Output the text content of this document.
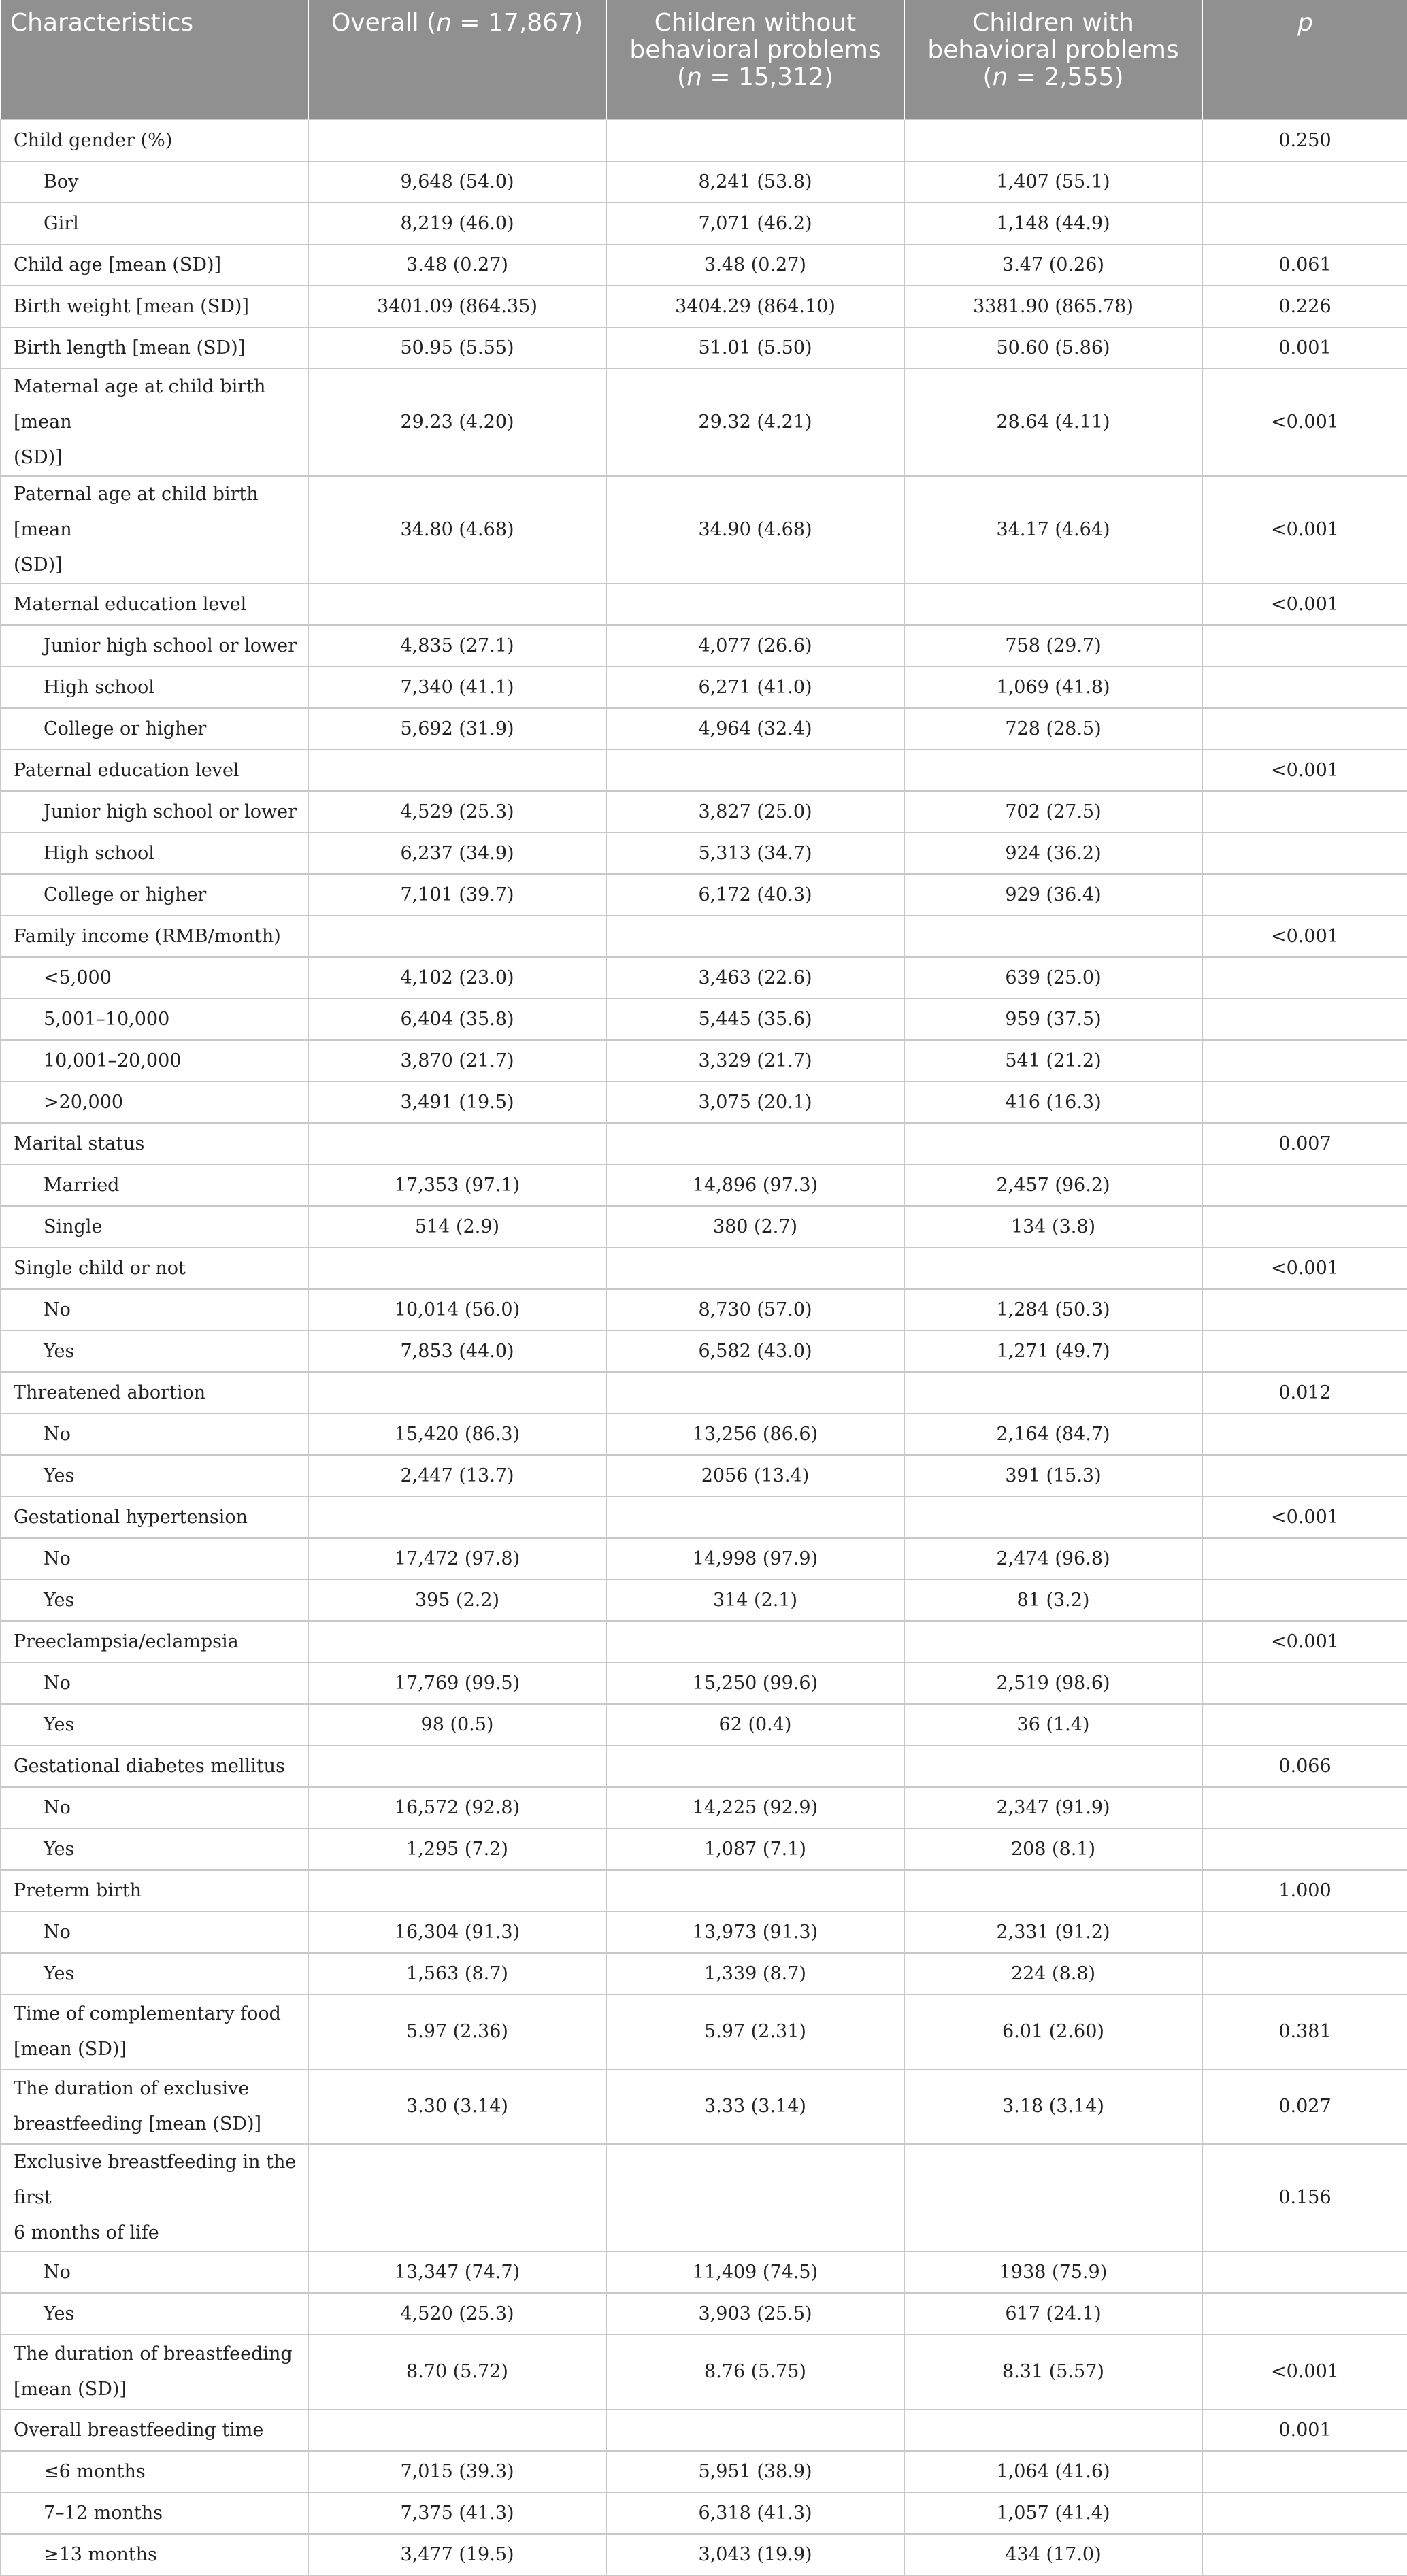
Characteristics	Overall (n = 17,867)	Children without
behavioral problems
(n = 15,312)	Children with
behavioral problems
(n = 2,555)	p
Child gender (%)				0.250
Boy	9,648 (54.0)	8,241 (53.8)	1,407 (55.1)	
Girl	8,219 (46.0)	7,071 (46.2)	1,148 (44.9)	
Child age [mean (SD)]	3.48 (0.27)	3.48 (0.27)	3.47 (0.26)	0.061
Birth weight [mean (SD)]	3401.09 (864.35)	3404.29 (864.10)	3381.90 (865.78)	0.226
Birth length [mean (SD)]	50.95 (5.55)	51.01 (5.50)	50.60 (5.86)	0.001
Maternal age at child birth [mean
(SD)]	29.23 (4.20)	29.32 (4.21)	28.64 (4.11)	<0.001
Paternal age at child birth [mean
(SD)]	34.80 (4.68)	34.90 (4.68)	34.17 (4.64)	<0.001
Maternal education level				<0.001
Junior high school or lower	4,835 (27.1)	4,077 (26.6)	758 (29.7)	
High school	7,340 (41.1)	6,271 (41.0)	1,069 (41.8)	
College or higher	5,692 (31.9)	4,964 (32.4)	728 (28.5)	
Paternal education level				<0.001
Junior high school or lower	4,529 (25.3)	3,827 (25.0)	702 (27.5)	
High school	6,237 (34.9)	5,313 (34.7)	924 (36.2)	
College or higher	7,101 (39.7)	6,172 (40.3)	929 (36.4)	
Family income (RMB/month)				<0.001
<5,000	4,102 (23.0)	3,463 (22.6)	639 (25.0)	
5,001–10,000	6,404 (35.8)	5,445 (35.6)	959 (37.5)	
10,001–20,000	3,870 (21.7)	3,329 (21.7)	541 (21.2)	
>20,000	3,491 (19.5)	3,075 (20.1)	416 (16.3)	
Marital status				0.007
Married	17,353 (97.1)	14,896 (97.3)	2,457 (96.2)	
Single	514 (2.9)	380 (2.7)	134 (3.8)	
Single child or not				<0.001
No	10,014 (56.0)	8,730 (57.0)	1,284 (50.3)	
Yes	7,853 (44.0)	6,582 (43.0)	1,271 (49.7)	
Threatened abortion				0.012
No	15,420 (86.3)	13,256 (86.6)	2,164 (84.7)	
Yes	2,447 (13.7)	2056 (13.4)	391 (15.3)	
Gestational hypertension				<0.001
No	17,472 (97.8)	14,998 (97.9)	2,474 (96.8)	
Yes	395 (2.2)	314 (2.1)	81 (3.2)	
Preeclampsia/eclampsia				<0.001
No	17,769 (99.5)	15,250 (99.6)	2,519 (98.6)	
Yes	98 (0.5)	62 (0.4)	36 (1.4)	
Gestational diabetes mellitus				0.066
No	16,572 (92.8)	14,225 (92.9)	2,347 (91.9)	
Yes	1,295 (7.2)	1,087 (7.1)	208 (8.1)	
Preterm birth				1.000
No	16,304 (91.3)	13,973 (91.3)	2,331 (91.2)	
Yes	1,563 (8.7)	1,339 (8.7)	224 (8.8)	
Time of complementary food
[mean (SD)]	5.97 (2.36)	5.97 (2.31)	6.01 (2.60)	0.381
The duration of exclusive
breastfeeding [mean (SD)]	3.30 (3.14)	3.33 (3.14)	3.18 (3.14)	0.027
Exclusive breastfeeding in the first
6 months of life				0.156
No	13,347 (74.7)	11,409 (74.5)	1938 (75.9)	
Yes	4,520 (25.3)	3,903 (25.5)	617 (24.1)	
The duration of breastfeeding
[mean (SD)]	8.70 (5.72)	8.76 (5.75)	8.31 (5.57)	<0.001
Overall breastfeeding time				0.001
≤6 months	7,015 (39.3)	5,951 (38.9)	1,064 (41.6)	
7–12 months	7,375 (41.3)	6,318 (41.3)	1,057 (41.4)	
≥13 months	3,477 (19.5)	3,043 (19.9)	434 (17.0)	
